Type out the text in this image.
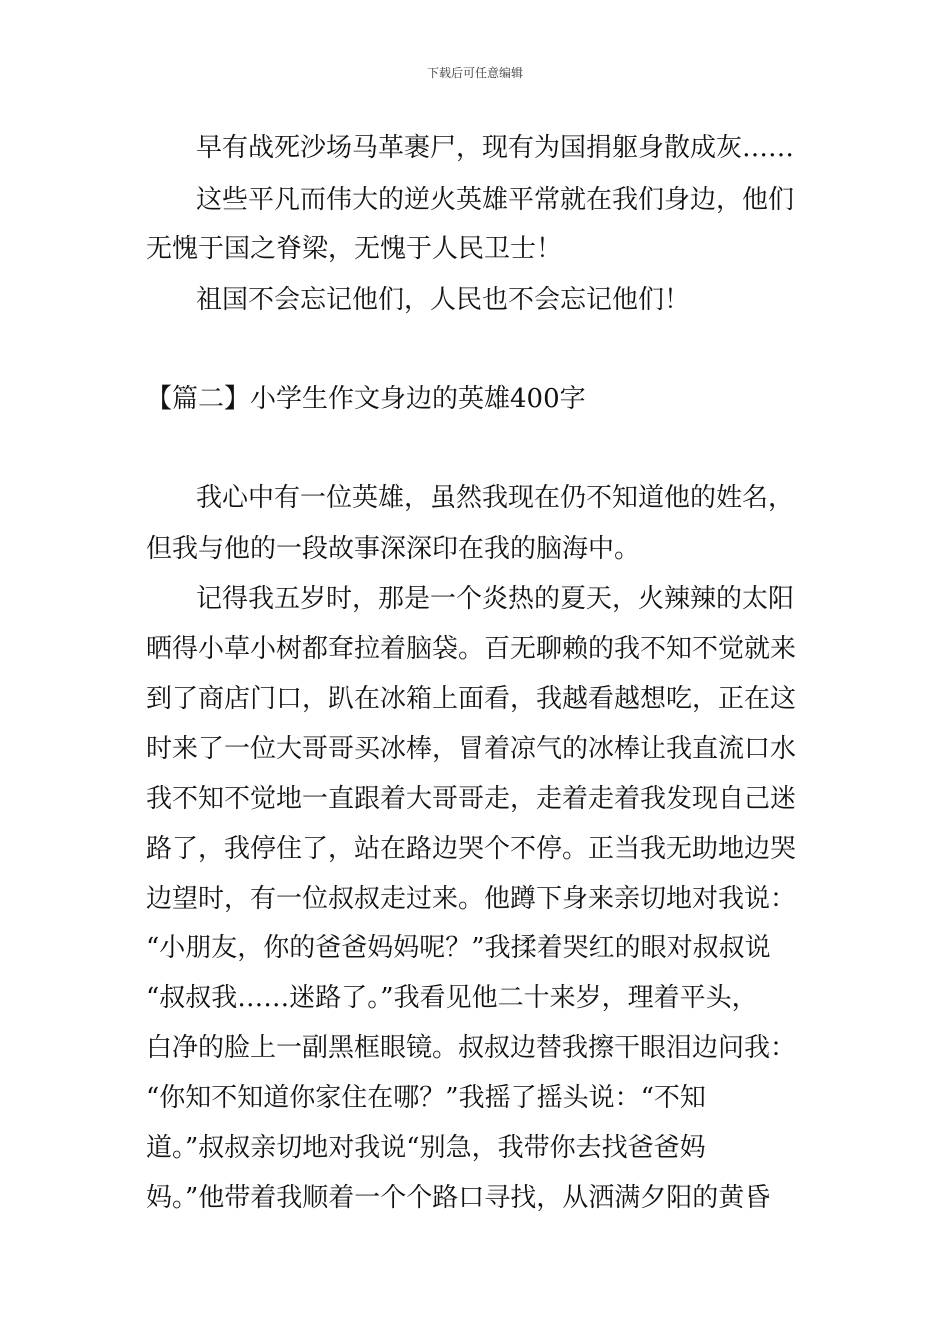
下载后可任意编辑
早有战死沙场马革裹尸，现有为国捐躯身散成灰……
这些平凡而伟大的逆火英雄平常就在我们身边，他们
无愧于国之脊梁，无愧于人民卫士！
祖国不会忘记他们，人民也不会忘记他们！
【篇二】小学生作文身边的英雄400字
我心中有一位英雄，虽然我现在仍不知道他的姓名，
但我与他的一段故事深深印在我的脑海中。
记得我五岁时，那是一个炎热的夏天，火辣辣的太阳
晒得小草小树都耷拉着脑袋。百无聊赖的我不知不觉就来
到了商店门口，趴在冰箱上面看，我越看越想吃，正在这
时来了一位大哥哥买冰棒，冒着凉气的冰棒让我直流口水
我不知不觉地一直跟着大哥哥走，走着走着我发现自己迷
路了，我停住了，站在路边哭个不停。正当我无助地边哭
边望时，有一位叔叔走过来。他蹲下身来亲切地对我说：
“小朋友，你的爸爸妈妈呢？”我揉着哭红的眼对叔叔说
“叔叔我……迷路了。”我看见他二十来岁，理着平头，
白净的脸上一副黑框眼镜。叔叔边替我擦干眼泪边问我：
“你知不知道你家住在哪？”我摇了摇头说：“不知
道。”叔叔亲切地对我说“别急，我带你去找爸爸妈
妈。”他带着我顺着一个个路口寻找，从洒满夕阳的黄昏
